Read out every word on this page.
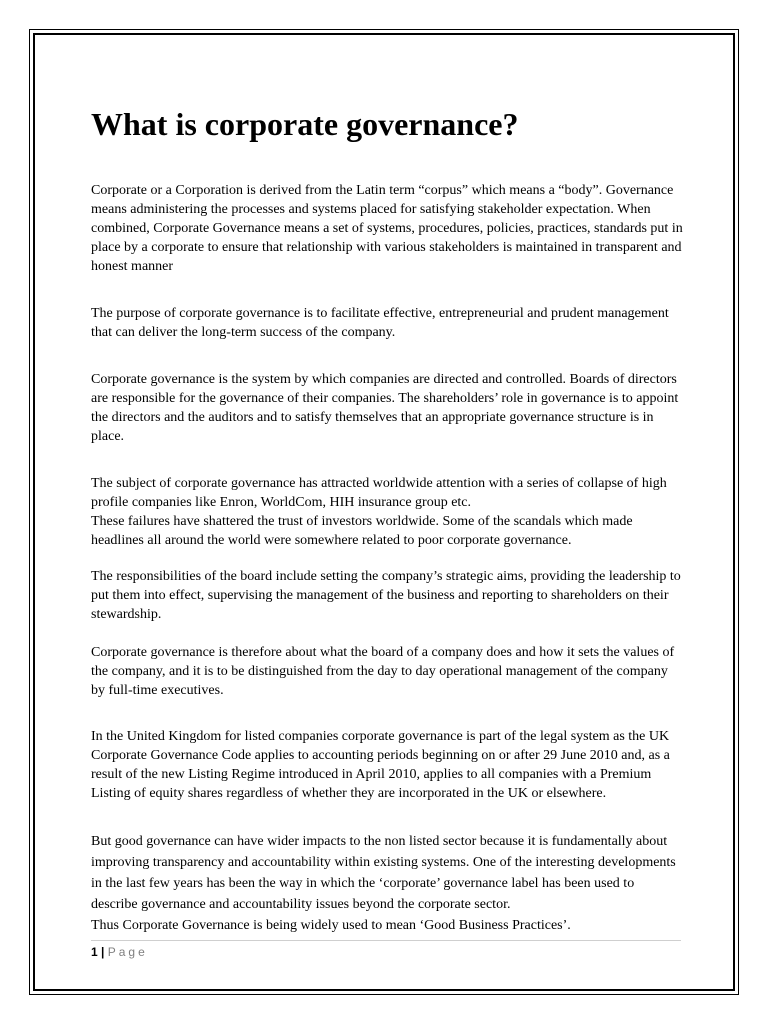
What is corporate governance?

Corporate or a Corporation is derived from the Latin term “corpus” which means a “body”. Governance means administering the processes and systems placed for satisfying stakeholder expectation. When combined, Corporate Governance means a set of systems, procedures, policies, practices, standards put in place by a corporate to ensure that relationship with various stakeholders is maintained in transparent and honest manner

The purpose of corporate governance is to facilitate effective, entrepreneurial and prudent management that can deliver the long-term success of the company.

Corporate governance is the system by which companies are directed and controlled. Boards of directors are responsible for the governance of their companies. The shareholders’ role in governance is to appoint the directors and the auditors and to satisfy themselves that an appropriate governance structure is in place.

The subject of corporate governance has attracted worldwide attention with a series of collapse of high profile companies like Enron, WorldCom, HIH insurance group etc.

These failures have shattered the trust of investors worldwide. Some of the scandals which made headlines all around the world were somewhere related to poor corporate governance.

The responsibilities of the board include setting the company’s strategic aims, providing the leadership to put them into effect, supervising the management of the business and reporting to shareholders on their stewardship.

Corporate governance is therefore about what the board of a company does and how it sets the values of the company, and it is to be distinguished from the day to day operational management of the company by full-time executives.

In the United Kingdom for listed companies corporate governance is part of the legal system as the UK Corporate Governance Code applies to accounting periods beginning on or after 29 June 2010 and, as a result of the new Listing Regime introduced in April 2010, applies to all companies with a Premium Listing of equity shares regardless of whether they are incorporated in the UK or elsewhere.

But good governance can have wider impacts to the non listed sector because it is fundamentally about improving transparency and accountability within existing systems. One of the interesting developments in the last few years has been the way in which the ‘corporate’ governance label has been used to describe governance and accountability issues beyond the corporate sector.

Thus Corporate Governance is being widely used to mean ‘Good Business Practices’.

1 | Page
